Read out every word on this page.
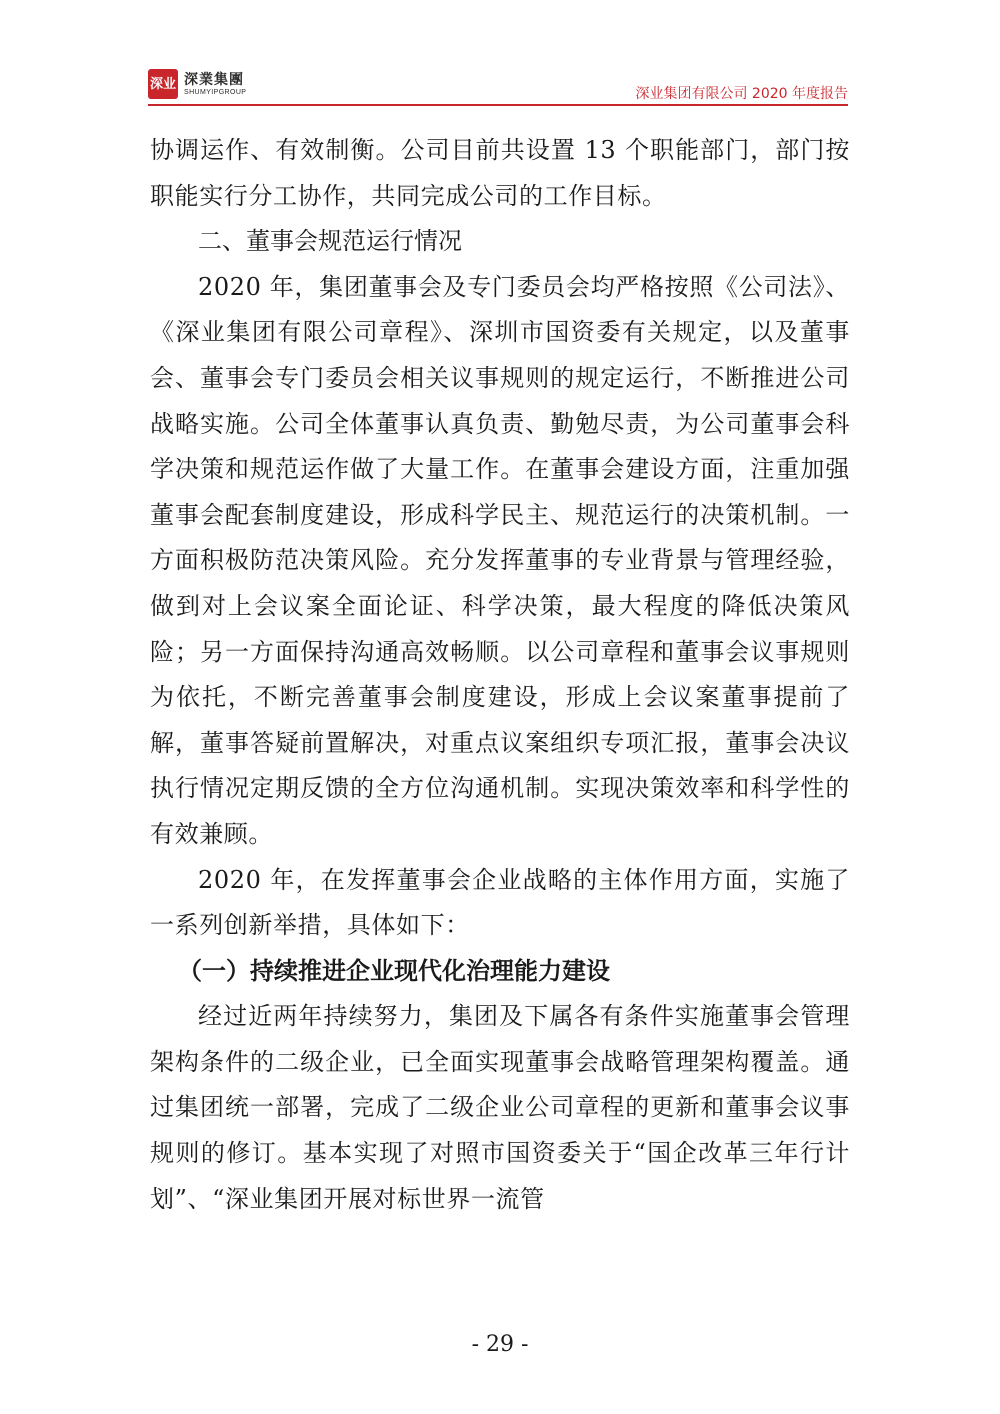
深业 深業集團
SHUMYIPGROUP	深业集团有限公司 2020 年度报告

协调运作、有效制衡。公司目前共设置 13 个职能部门，部门按职能实行分工协作，共同完成公司的工作目标。

二、董事会规范运行情况

2020 年，集团董事会及专门委员会均严格按照《公司法》、《深业集团有限公司章程》、深圳市国资委有关规定，以及董事会、董事会专门委员会相关议事规则的规定运行，不断推进公司战略实施。公司全体董事认真负责、勤勉尽责，为公司董事会科学决策和规范运作做了大量工作。在董事会建设方面，注重加强董事会配套制度建设，形成科学民主、规范运行的决策机制。一方面积极防范决策风险。充分发挥董事的专业背景与管理经验，做到对上会议案全面论证、科学决策，最大程度的降低决策风险；另一方面保持沟通高效畅顺。以公司章程和董事会议事规则为依托，不断完善董事会制度建设，形成上会议案董事提前了解，董事答疑前置解决，对重点议案组织专项汇报，董事会决议执行情况定期反馈的全方位沟通机制。实现决策效率和科学性的有效兼顾。

2020 年，在发挥董事会企业战略的主体作用方面，实施了一系列创新举措，具体如下：

（一）持续推进企业现代化治理能力建设

经过近两年持续努力，集团及下属各有条件实施董事会管理架构条件的二级企业，已全面实现董事会战略管理架构覆盖。通过集团统一部署，完成了二级企业公司章程的更新和董事会议事规则的修订。基本实现了对照市国资委关于“国企改革三年行计划”、“深业集团开展对标世界一流管

- 29 -
